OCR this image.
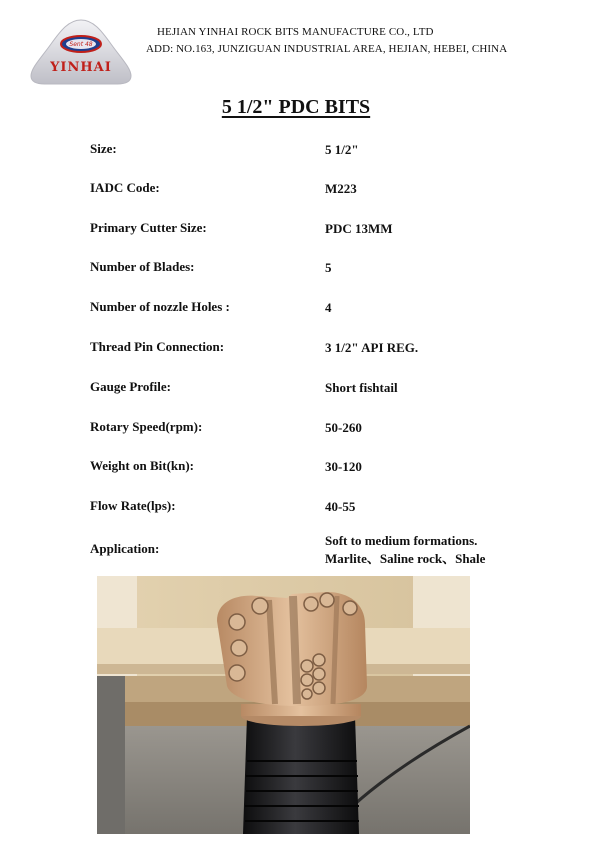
Sent 48
YINHAI
HEJIAN YINHAI ROCK BITS MANUFACTURE CO., LTD
ADD: NO.163, JUNZIGUAN INDUSTRIAL AREA, HEJIAN, HEBEI, CHINA
5 1/2" PDC BITS
Size:	5 1/2"
IADC Code:	M223
Primary Cutter Size:	PDC 13MM
Number of Blades:	5
Number of nozzle Holes :	4
Thread Pin Connection:	3 1/2" API REG.
Gauge Profile:	Short fishtail
Rotary Speed(rpm):	50-260
Weight on Bit(kn):	30-120
Flow Rate(lps):	40-55
Application:
Soft to medium formations.
Marlite、Saline rock、Shale
